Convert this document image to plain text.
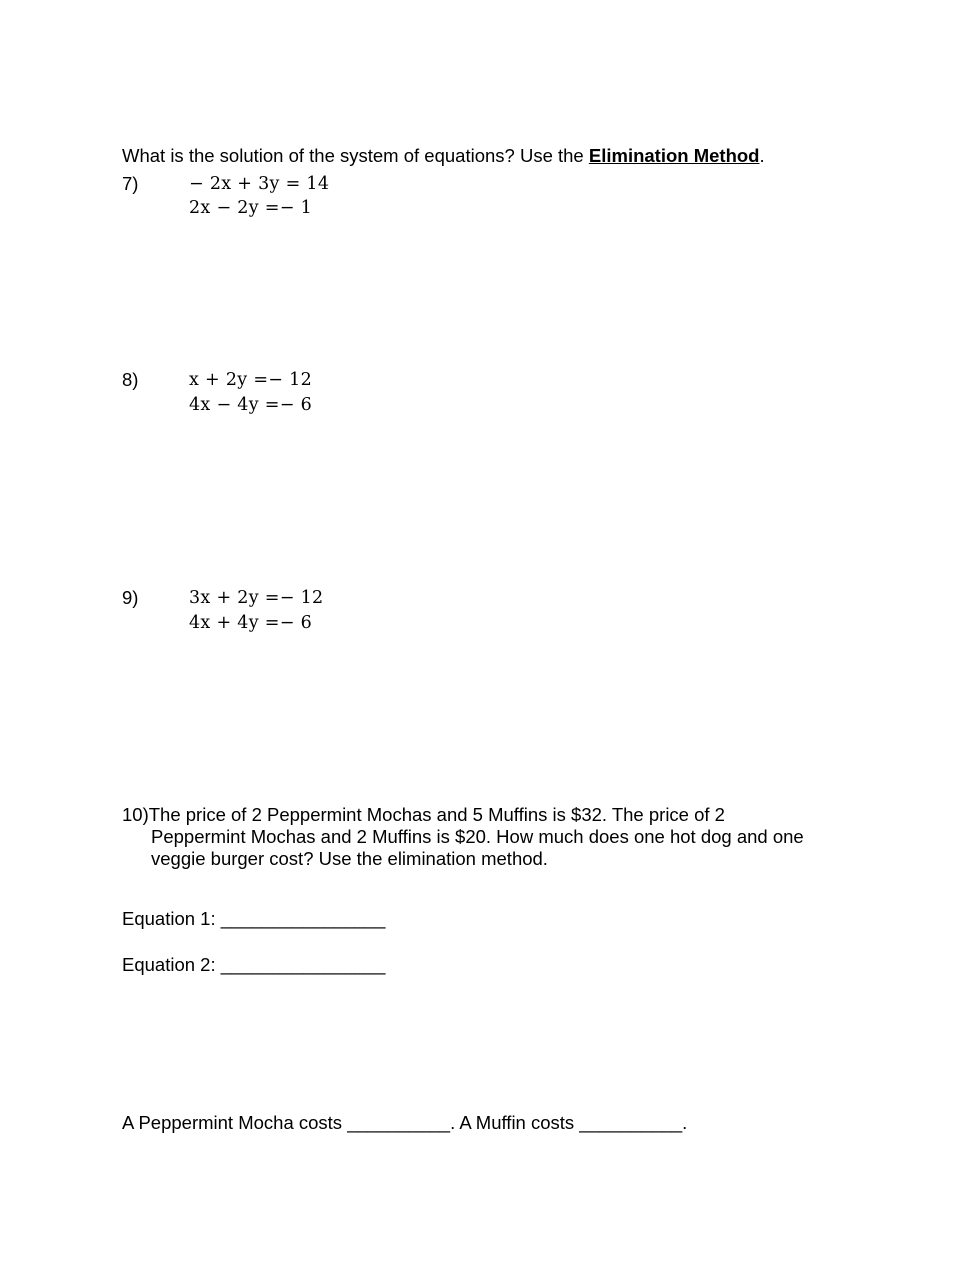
What is the solution of the system of equations? Use the Elimination Method.
7)	− 2x + 3y = 14
2x − 2y =− 1
8)	x + 2y =− 12
4x − 4y =− 6
9)	3x + 2y =− 12
4x + 4y =− 6
10)The price of 2 Peppermint Mochas and 5 Muffins is $32. The price of 2
Peppermint Mochas and 2 Muffins is $20. How much does one hot dog and one
veggie burger cost? Use the elimination method.
Equation 1: ________________
Equation 2: ________________
A Peppermint Mocha costs __________. A Muffin costs __________.
